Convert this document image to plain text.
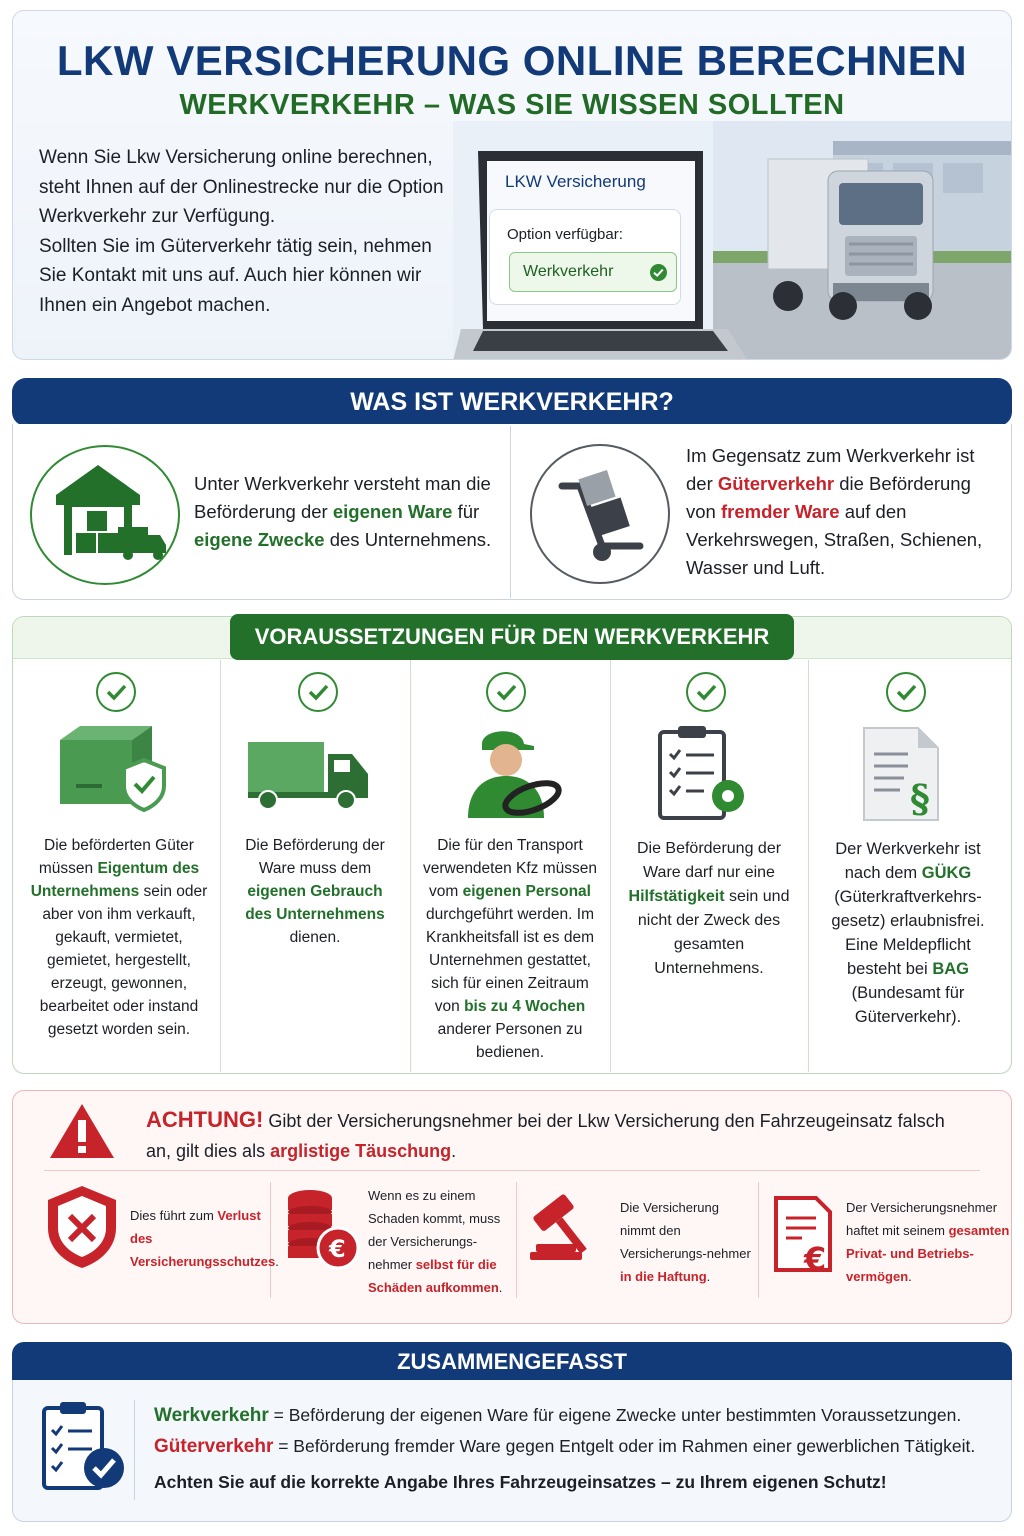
LKW VERSICHERUNG ONLINE BERECHNEN
WERKVERKEHR – WAS SIE WISSEN SOLLTEN

Wenn Sie Lkw Versicherung online berechnen,

steht Ihnen auf der Onlinestrecke nur die Option

Werkverkehr zur Verfügung.

Sollten Sie im Güterverkehr tätig sein, nehmen

Sie Kontakt mit uns auf. Auch hier können wir

Ihnen ein Angebot machen.

LKW Versicherung
Option verfügbar:
Werkverkehr
WAS IST WERKVERKEHR?
Unter Werkverkehr versteht man die Beförderung der eigenen Ware für eigene Zwecke des Unternehmens.
Im Gegensatz zum Werkverkehr ist der Güterverkehr die Beförderung von fremder Ware auf den Verkehrswegen, Straßen, Schienen, Wasser und Luft.
VORAUSSETZUNGEN FÜR DEN WERKVERKEHR
Die beförderten Güter müssen Eigentum des Unternehmens sein oder aber von ihm verkauft, gekauft, vermietet, gemietet, hergestellt, erzeugt, gewonnen, bearbeitet oder instand gesetzt worden sein.
Die Beförderung der Ware muss dem eigenen Gebrauch des Unternehmens dienen.
Die für den Transport verwendeten Kfz müssen vom eigenen Personal durchgeführt werden. Im Krankheitsfall ist es dem Unternehmen gestattet, sich für einen Zeitraum von bis zu 4 Wochen anderer Personen zu bedienen.
Die Beförderung der Ware darf nur eine Hilfstätigkeit sein und nicht der Zweck des gesamten Unternehmens.
§
Der Werkverkehr ist nach dem GÜKG (Güterkraftverkehrs-gesetz) erlaubnisfrei. Eine Meldepflicht besteht bei BAG (Bundesamt für Güterverkehr).
ACHTUNG! Gibt der Versicherungsnehmer bei der Lkw Versicherung den Fahrzeugeinsatz falsch an, gilt dies als arglistige Täuschung.
Dies führt zum Verlust des Versicherungsschutzes. €
Wenn es zu einem Schaden kommt, muss der Versicherungs-nehmer selbst für die Schäden aufkommen.
Die Versicherung nimmt den Versicherungs-nehmer in die Haftung.	€
Der Versicherungsnehmer haftet mit seinem gesamten Privat- und Betriebs-vermögen.
ZUSAMMENGEFASST
Werkverkehr = Beförderung der eigenen Ware für eigene Zwecke unter bestimmten Voraussetzungen.
Güterverkehr = Beförderung fremder Ware gegen Entgelt oder im Rahmen einer gewerblichen Tätigkeit.
Achten Sie auf die korrekte Angabe Ihres Fahrzeugeinsatzes – zu Ihrem eigenen Schutz!
